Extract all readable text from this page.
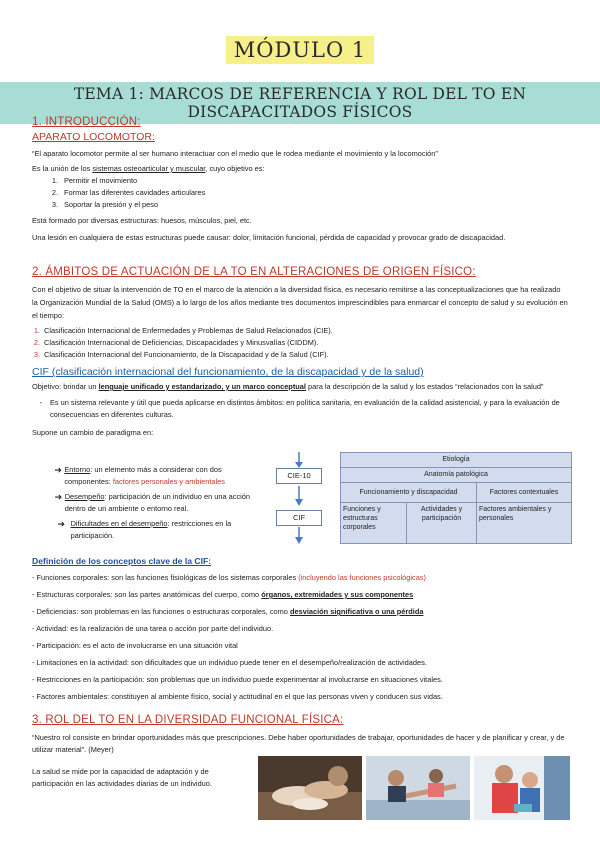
MÓDULO 1
TEMA 1: MARCOS DE REFERENCIA Y ROL DEL TO EN DISCAPACITADOS FÍSICOS
1. INTRODUCCIÓN:
APARATO LOCOMOTOR:
“El aparato locomotor permite al ser humano interactuar con el medio que le rodea mediante el movimiento y la locomoción”
Es la unión de los sistemas osteoarticular y muscular, cuyo objetivo es:
1. Permitir el movimiento
2. Formar las diferentes cavidades articulares
3. Soportar la presión y el peso
Está formado por diversas estructuras: huesos, músculos, piel, etc.
Una lesión en cualquiera de estas estructuras puede causar: dolor, limitación funcional, pérdida de capacidad y provocar grado de discapacidad.
2. ÁMBITOS DE ACTUACIÓN DE LA TO EN ALTERACIONES DE ORIGEN FÍSICO:
Con el objetivo de situar la intervención de TO en el marco de la atención a la diversidad física, es necesario remitirse a las conceptualizaciones que ha realizado la Organización Mundial de la Salud (OMS) a lo largo de los años mediante tres documentos imprescindibles para enmarcar el concepto de salud y su evolución en el tiempo:
1. Clasificación Internacional de Enfermedades y Problemas de Salud Relacionados (CIE).
2. Clasificación Internacional de Deficiencias, Discapacidades y Minusvalías (CIDDM).
3. Clasificación Internacional del Funcionamiento, de la Discapacidad y de la Salud (CIF).
CIF (clasificación internacional del funcionamiento, de la discapacidad y de la salud)
Objetivo: brindar un lenguaje unificado y estandarizado, y un marco conceptual para la descripción de la salud y los estados “relacionados con la salud”
-	Es un sistema relevante y útil que pueda aplicarse en distintos ámbitos: en política sanitaria, en evaluación de la calidad asistencial, y para la evaluación de consecuencias en diferentes culturas.
Supone un cambio de paradigma en:
➔ Entorno: un elemento más a considerar con dos componentes: factores personales y ambientales
➔ Desempeño: participación de un individuo en una acción dentro de un ambiente o entorno real.
➔ Dificultades en el desempeño: restricciones en la participación.
CIE-10
CIF
Etiología
Anatomía patológica
Funcionamiento y discapacidad	Factores contextuales
Funciones y estructuras corporales
Actividades y participación
Factores ambientales y personales
Definición de los conceptos clave de la CIF:
- Funciones corporales: son las funciones fisiológicas de los sistemas corporales (incluyendo las funciones psicológicas)
- Estructuras corporales: son las partes anatómicas del cuerpo, como órganos, extremidades y sus componentes
- Deficiencias: son problemas en las funciones o estructuras corporales, como desviación significativa o una pérdida
- Actividad: es la realización de una tarea o acción por parte del individuo.
- Participación: es el acto de involucrarse en una situación vital
- Limitaciones en la actividad: son dificultades que un individuo puede tener en el desempeño/realización de actividades.
- Restricciones en la participación: son problemas que un individuo puede experimentar al involucrarse en situaciones vitales.
- Factores ambientales: constituyen al ambiente físico, social y actitudinal en el que las personas viven y conducen sus vidas.
3. ROL DEL TO EN LA DIVERSIDAD FUNCIONAL FÍSICA:
“Nuestro rol consiste en brindar oportunidades más que prescripciones. Debe haber oportunidades de trabajar, oportunidades de hacer y de planificar y crear, y de utilizar material”. (Meyer)
La salud se mide por la capacidad de adaptación y de participación en las actividades diarias de un individuo.
